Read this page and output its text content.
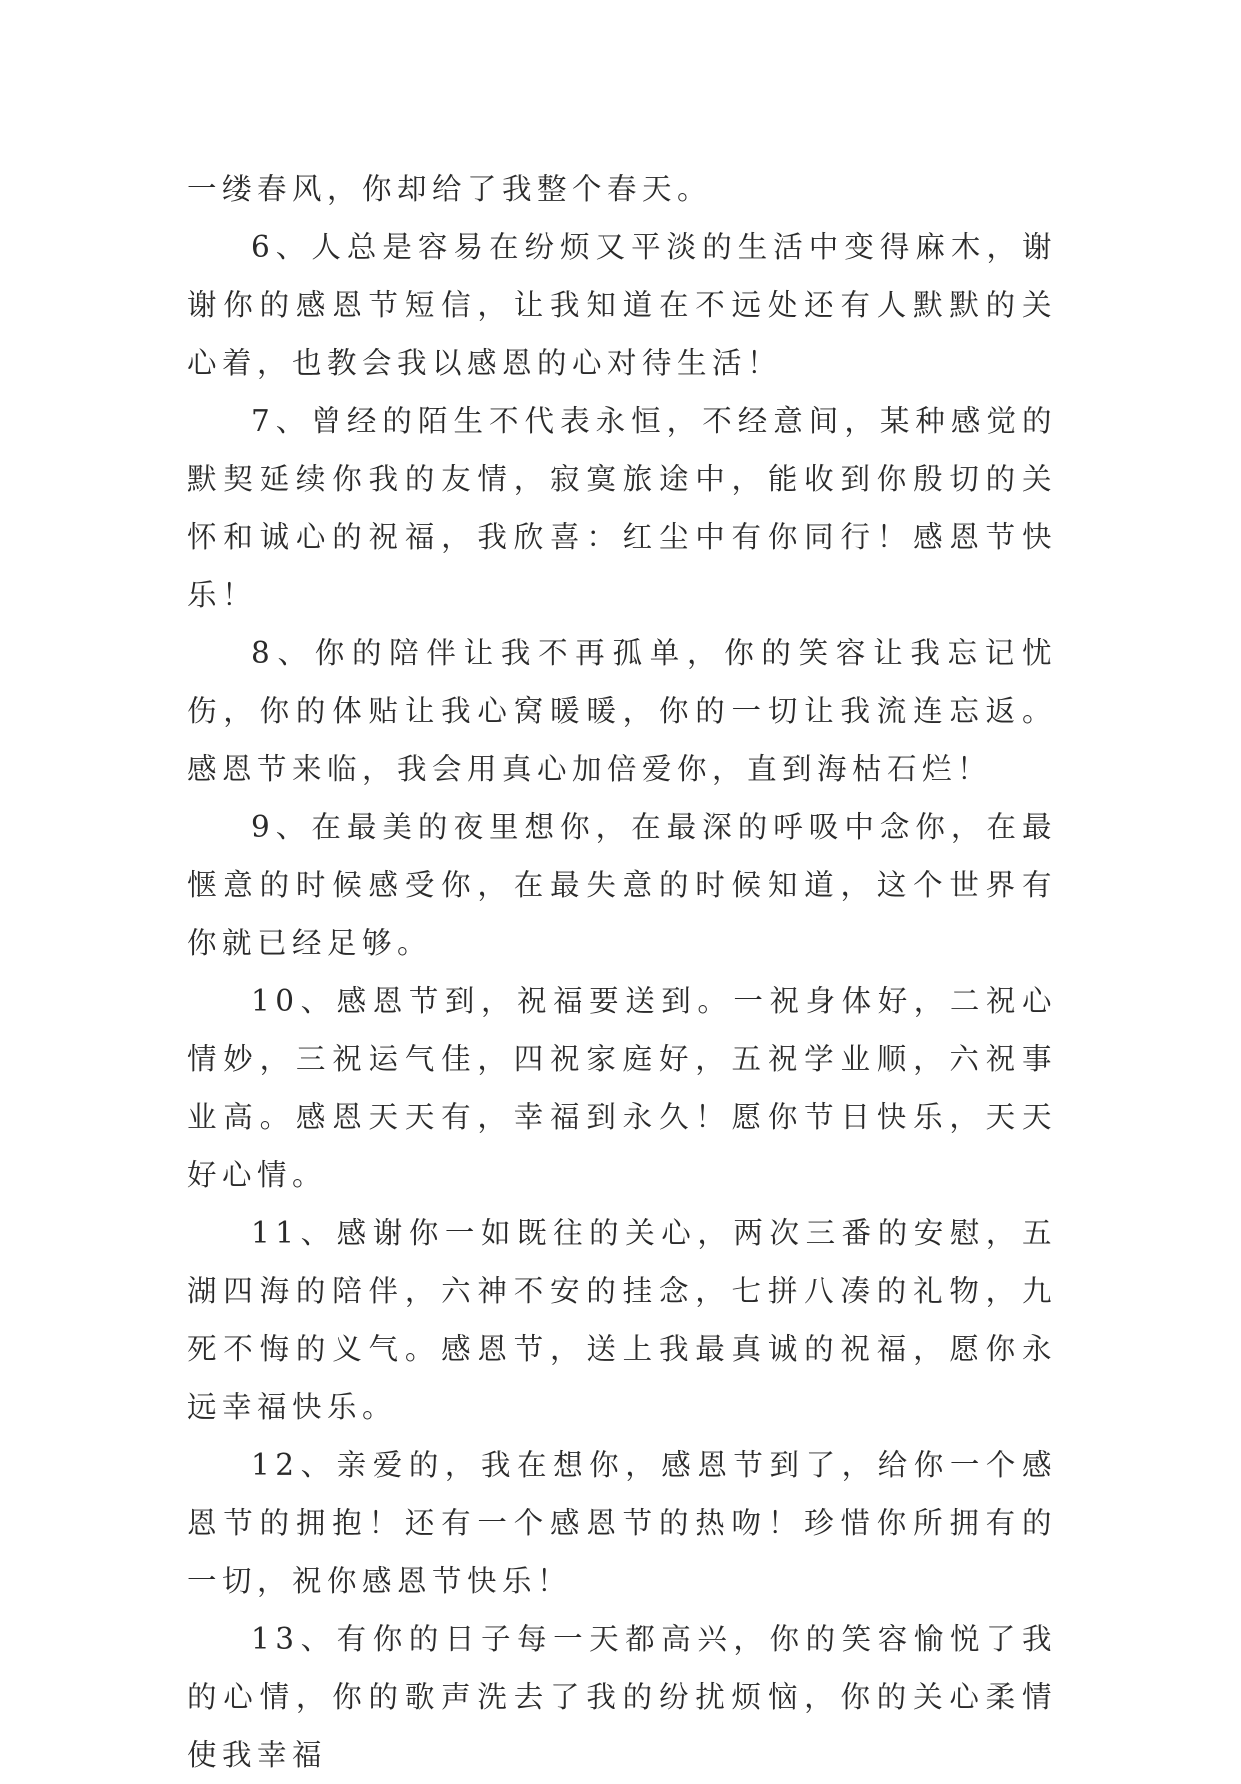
一缕春风，你却给了我整个春天。

6、人总是容易在纷烦又平淡的生活中变得麻木，谢谢你的感恩节短信，让我知道在不远处还有人默默的关心着，也教会我以感恩的心对待生活！

7、曾经的陌生不代表永恒，不经意间，某种感觉的默契延续你我的友情，寂寞旅途中，能收到你殷切的关怀和诚心的祝福，我欣喜：红尘中有你同行！感恩节快乐！

8、你的陪伴让我不再孤单，你的笑容让我忘记忧伤，你的体贴让我心窝暖暖，你的一切让我流连忘返。感恩节来临，我会用真心加倍爱你，直到海枯石烂！

9、在最美的夜里想你，在最深的呼吸中念你，在最惬意的时候感受你，在最失意的时候知道，这个世界有你就已经足够。

10、感恩节到，祝福要送到。一祝身体好，二祝心情妙，三祝运气佳，四祝家庭好，五祝学业顺，六祝事业高。感恩天天有，幸福到永久！愿你节日快乐，天天好心情。

11、感谢你一如既往的关心，两次三番的安慰，五湖四海的陪伴，六神不安的挂念，七拼八凑的礼物，九死不悔的义气。感恩节，送上我最真诚的祝福，愿你永远幸福快乐。

12、亲爱的，我在想你，感恩节到了，给你一个感恩节的拥抱！还有一个感恩节的热吻！珍惜你所拥有的一切，祝你感恩节快乐！

13、有你的日子每一天都高兴，你的笑容愉悦了我的心情，你的歌声洗去了我的纷扰烦恼，你的关心柔情使我幸福
